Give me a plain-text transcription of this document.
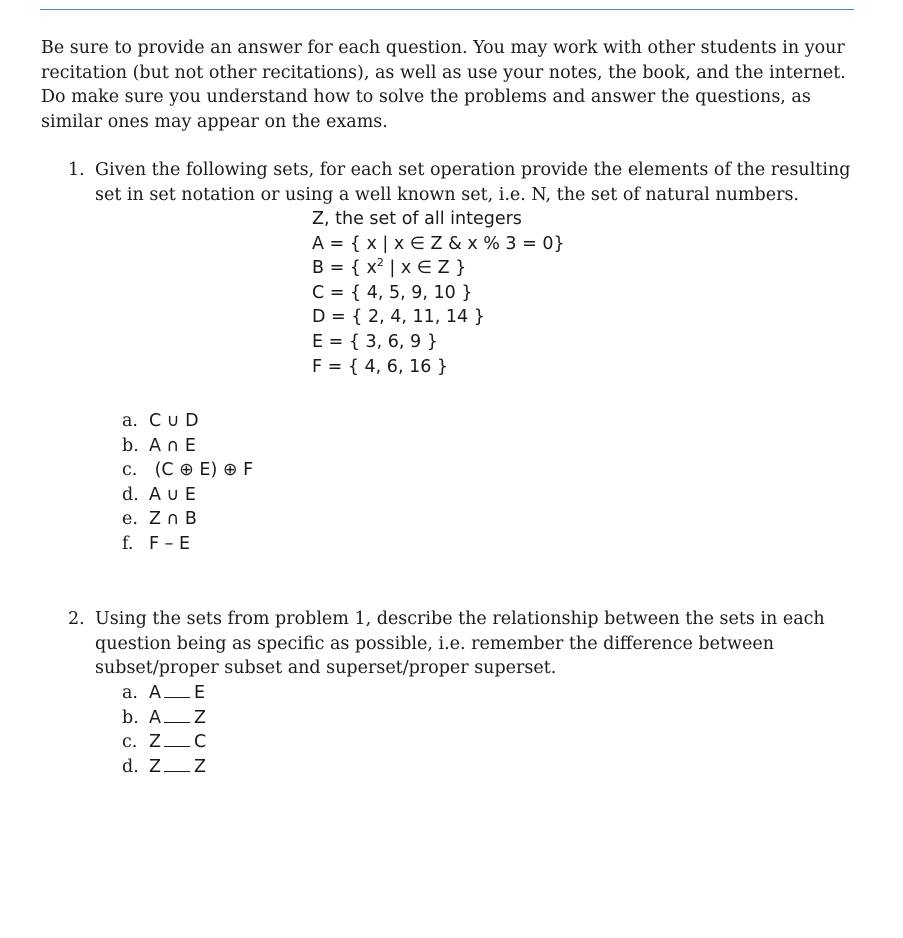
Be sure to provide an answer for each question. You may work with other students in your recitation (but not other recitations), as well as use your notes, the book, and the internet. Do make sure you understand how to solve the problems and answer the questions, as similar ones may appear on the exams.

1. Given the following sets, for each set operation provide the elements of the resulting set in set notation or using a well known set, i.e. N, the set of natural numbers.
Z, the set of all integers
A = { x | x ∈ Z & x % 3 = 0}
B = { $x^2$ | x ∈ Z }
C = { 4, 5, 9, 10 }
D = { 2, 4, 11, 14 }
E = { 3, 6, 9 }
F = { 4, 6, 16 }
a. C ∪ D
b. A ∩ E
c. (C ⊕ E) ⊕ F
d. A ∪ E
e. Z ∩ B
f. F – E
2. Using the sets from problem 1, describe the relationship between the sets in each question being as specific as possible, i.e. remember the difference between subset/proper subset and superset/proper superset.
a. A E
b. A Z
c. Z C
d. Z Z
